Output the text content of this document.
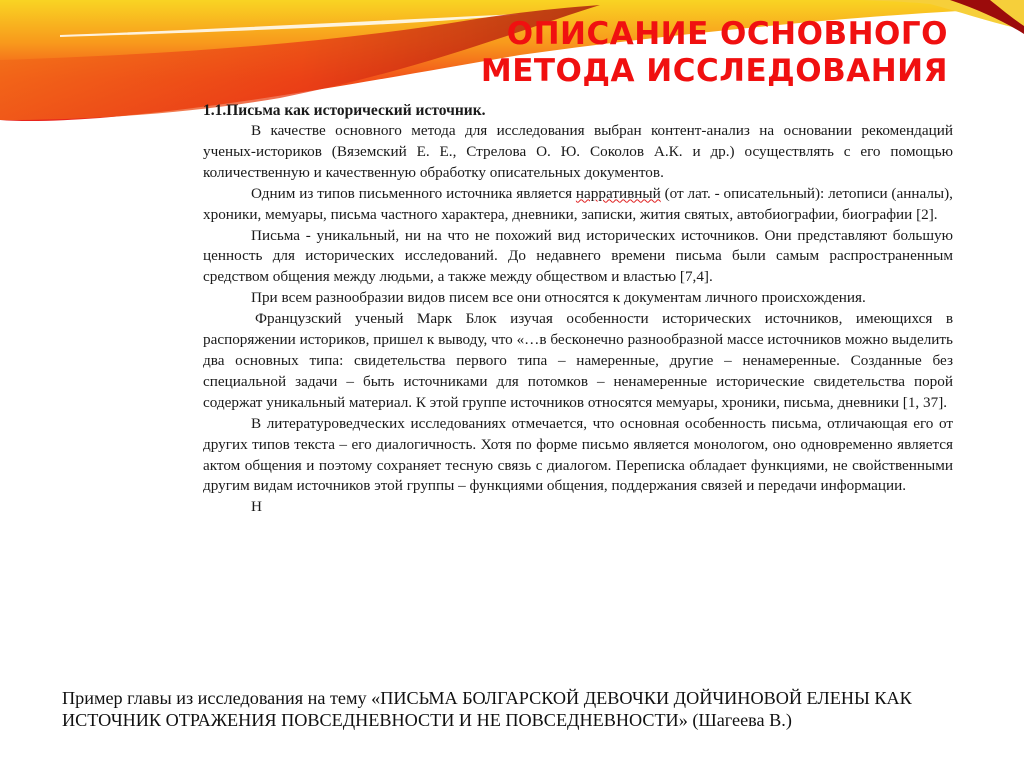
ОПИСАНИЕ ОСНОВНОГО
МЕТОДА ИССЛЕДОВАНИЯ

1.1.Письма как исторический источник.

В качестве основного метода для исследования выбран контент-анализ на основании рекомендаций ученых-историков (Вяземский Е. Е., Стрелова О. Ю. Соколов А.К. и др.) осуществлять с его помощью количественную и качественную обработку описательных документов.

Одним из типов письменного источника является нарративный (от лат. - описательный): летописи (анналы), хроники, мемуары, письма частного характера, дневники, записки, жития святых, автобиографии, биографии [2].

Письма - уникальный, ни на что не похожий вид исторических источников. Они представляют большую ценность для исторических исследований. До недавнего времени письма были самым распространенным средством общения между людьми, а также между обществом и властью [7,4].

При всем разнообразии видов писем все они относятся к документам личного происхождения.

Французский ученый Марк Блок изучая особенности исторических источников, имеющихся в распоряжении историков, пришел к выводу, что «…в бесконечно разнообразной массе источников можно выделить два основных типа: свидетельства первого типа – намеренные, другие – ненамеренные. Созданные без специальной задачи – быть источниками для потомков – ненамеренные исторические свидетельства порой содержат уникальный материал. К этой группе источников относятся мемуары, хроники, письма, дневники [1, 37].

В литературоведческих исследованиях отмечается, что основная особенность письма, отличающая его от других типов текста – его диалогичность. Хотя по форме письмо является монологом, оно одновременно является актом общения и поэтому сохраняет тесную связь с диалогом. Переписка обладает функциями, не свойственными другим видам источников этой группы – функциями общения, поддержания связей и передачи информации.

Н

Пример главы из исследования на тему «ПИСЬМА БОЛГАРСКОЙ ДЕВОЧКИ ДОЙЧИНОВОЙ ЕЛЕНЫ КАК ИСТОЧНИК ОТРАЖЕНИЯ ПОВСЕДНЕВНОСТИ И НЕ ПОВСЕДНЕВНОСТИ» (Шагеева В.)
